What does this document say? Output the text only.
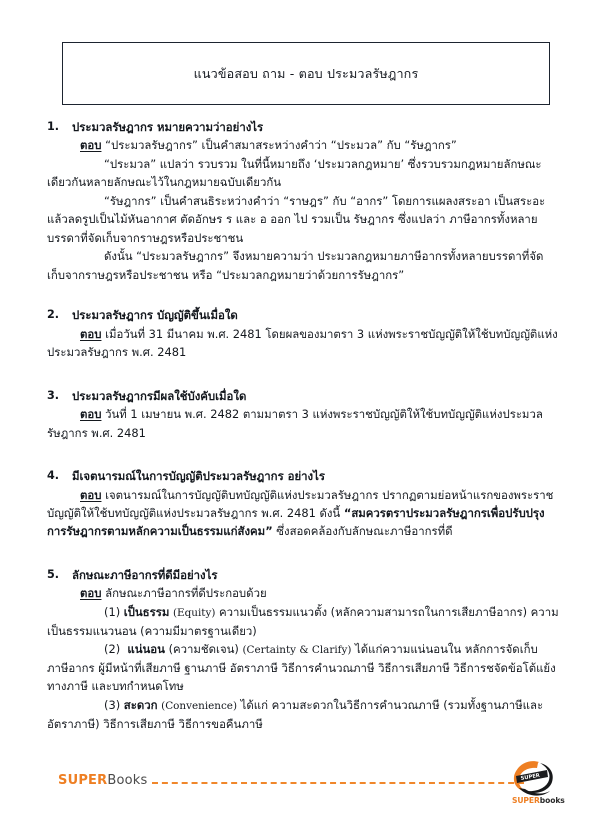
แนวข้อสอบ ถาม - ตอบ ประมวลรัษฎากร
1.	ประมวลรัษฎากร หมายความว่าอย่างไร

ตอบ “ประมวลรัษฎากร” เป็นคำสมาสระหว่างคำว่า “ประมวล” กับ “รัษฎากร”

“ประมวล” แปลว่า รวบรวม ในที่นี้หมายถึง ‘ประมวลกฎหมาย’ ซึ่งรวบรวมกฎหมายลักษณะเดียวกันหลายลักษณะไว้ในกฎหมายฉบับเดียวกัน

“รัษฎากร” เป็นคำสนธิระหว่างคำว่า “ราษฎร” กับ “อากร” โดยการแผลงสระอา เป็นสระอะ แล้วลดรูปเป็นไม้หันอากาศ ตัดอักษร ร และ อ ออก ไป รวมเป็น รัษฎากร ซึ่งแปลว่า ภาษีอากรทั้งหลายบรรดาที่จัดเก็บจากราษฎรหรือประชาชน

ดังนั้น “ประมวลรัษฎากร” จึงหมายความว่า ประมวลกฎหมายภาษีอากรทั้งหลายบรรดาที่จัดเก็บจากราษฎรหรือประชาชน หรือ “ประมวลกฎหมายว่าด้วยการรัษฎากร”

2.	ประมวลรัษฎากร บัญญัติขึ้นเมื่อใด

ตอบ เมื่อวันที่ 31 มีนาคม พ.ศ. 2481 โดยผลของมาตรา 3 แห่งพระราชบัญญัติให้ใช้บทบัญญัติแห่งประมวลรัษฎากร พ.ศ. 2481

3.	ประมวลรัษฎากรมีผลใช้บังคับเมื่อใด

ตอบ วันที่ 1 เมษายน พ.ศ. 2482 ตามมาตรา 3 แห่งพระราชบัญญัติให้ใช้บทบัญญัติแห่งประมวลรัษฎากร พ.ศ. 2481

4.	มีเจตนารมณ์ในการบัญญัติประมวลรัษฎากร อย่างไร

ตอบ เจตนารมณ์ในการบัญญัติบทบัญญัติแห่งประมวลรัษฎากร ปรากฏตามย่อหน้าแรกของพระราชบัญญัติให้ใช้บทบัญญัติแห่งประมวลรัษฎากร พ.ศ. 2481 ดังนี้ “สมควรตราประมวลรัษฎากรเพื่อปรับปรุงการรัษฎากรตามหลักความเป็นธรรมแก่สังคม” ซึ่งสอดคล้องกับลักษณะภาษีอากรที่ดี

5.	ลักษณะภาษีอากรที่ดีมีอย่างไร

ตอบ ลักษณะภาษีอากรที่ดีประกอบด้วย

(1) เป็นธรรม (Equity) ความเป็นธรรมแนวตั้ง (หลักความสามารถในการเสียภาษีอากร) ความเป็นธรรมแนวนอน (ความมีมาตรฐานเดียว)

(2) แน่นอน (ความชัดเจน) (Certainty & Clarify) ได้แก่ความแน่นอนใน หลักการจัดเก็บภาษีอากร ผู้มีหน้าที่เสียภาษี ฐานภาษี อัตราภาษี วิธีการคำนวณภาษี วิธีการเสียภาษี วิธีการชจัดข้อโต้แย้งทางภาษี และบทกำหนดโทษ

(3) สะดวก (Convenience) ได้แก่ ความสะดวกในวิธีการคำนวณภาษี (รวมทั้งฐานภาษีและอัตราภาษี) วิธีการเสียภาษี วิธีการขอคืนภาษี

SUPERBooks	SUPER
SUPERbooks
